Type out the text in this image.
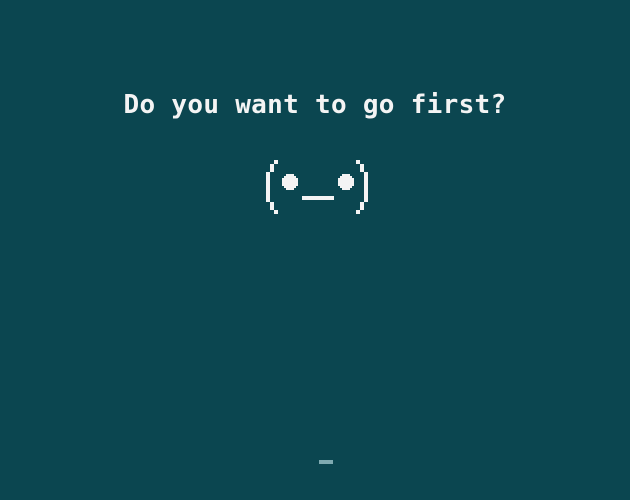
Do you want to go first?
